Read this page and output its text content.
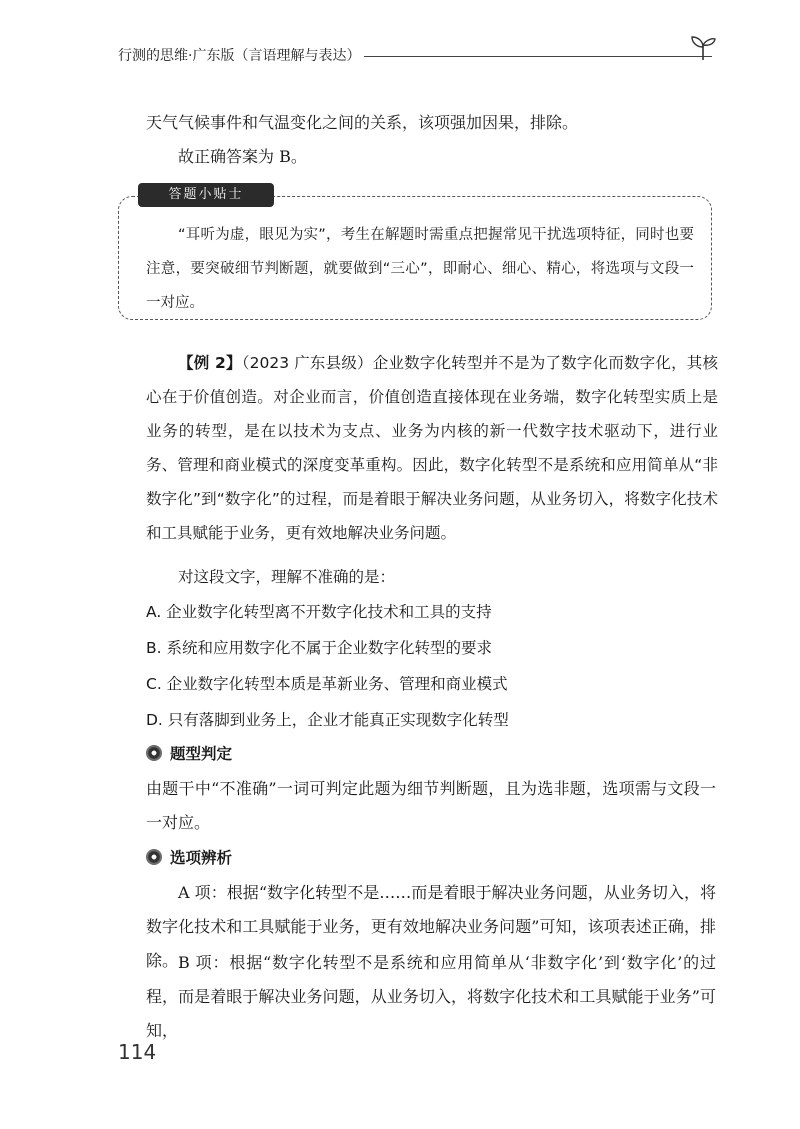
行测的思维·广东版（言语理解与表达）
天气气候事件和气温变化之间的关系，该项强加因果，排除。
故正确答案为 B。
答题小贴士
“耳听为虚，眼见为实”，考生在解题时需重点把握常见干扰选项特征，同时也要注意，要突破细节判断题，就要做到“三心”，即耐心、细心、精心，将选项与文段一一对应。
【例 2】（2023 广东县级）企业数字化转型并不是为了数字化而数字化，其核心在于价值创造。对企业而言，价值创造直接体现在业务端，数字化转型实质上是业务的转型，是在以技术为支点、业务为内核的新一代数字技术驱动下，进行业务、管理和商业模式的深度变革重构。因此，数字化转型不是系统和应用简单从“非数字化”到“数字化”的过程，而是着眼于解决业务问题，从业务切入，将数字化技术和工具赋能于业务，更有效地解决业务问题。
对这段文字，理解不准确的是：
A. 企业数字化转型离不开数字化技术和工具的支持
B. 系统和应用数字化不属于企业数字化转型的要求
C. 企业数字化转型本质是革新业务、管理和商业模式
D. 只有落脚到业务上，企业才能真正实现数字化转型
题型判定
由题干中“不准确”一词可判定此题为细节判断题，且为选非题，选项需与文段一一对应。
选项辨析
A 项：根据“数字化转型不是……而是着眼于解决业务问题，从业务切入，将数字化技术和工具赋能于业务，更有效地解决业务问题”可知，该项表述正确，排除。 B 项：根据“数字化转型不是系统和应用简单从‘非数字化’到‘数字化’的过程，而是着眼于解决业务问题，从业务切入，将数字化技术和工具赋能于业务”可知，
114
